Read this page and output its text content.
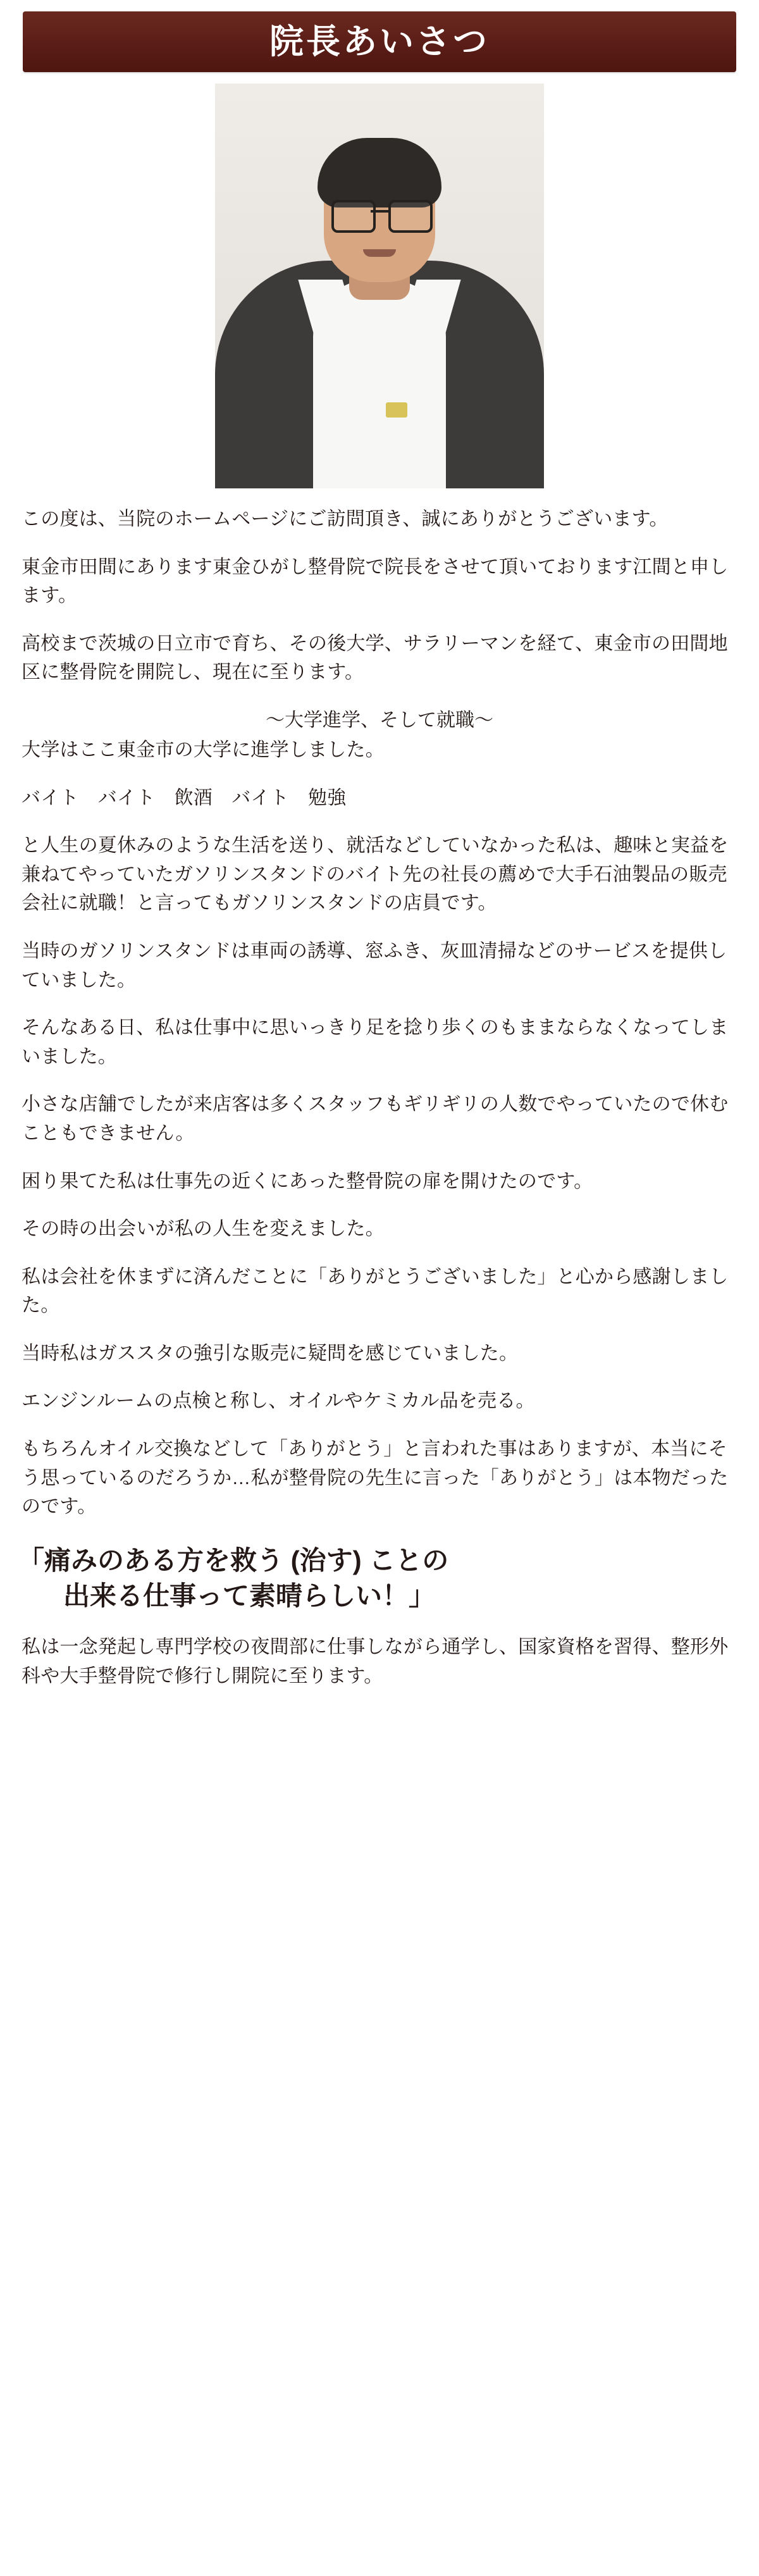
院長あいさつ

この度は、当院のホームページにご訪問頂き、誠にありがとうございます。

東金市田間にあります東金ひがし整骨院で院長をさせて頂いております江間と申します。

高校まで茨城の日立市で育ち、その後大学、サラリーマンを経て、東金市の田間地区に整骨院を開院し、現在に至ります。

〜大学進学、そして就職〜

大学はここ東金市の大学に進学しました。

バイト　バイト　飲酒　バイト　勉強

と人生の夏休みのような生活を送り、就活などしていなかった私は、趣味と実益を兼ねてやっていたガソリンスタンドのバイト先の社長の薦めで大手石油製品の販売会社に就職！と言ってもガソリンスタンドの店員です。

当時のガソリンスタンドは車両の誘導、窓ふき、灰皿清掃などのサービスを提供していました。

そんなある日、私は仕事中に思いっきり足を捻り歩くのもままならなくなってしまいました。

小さな店舗でしたが来店客は多くスタッフもギリギリの人数でやっていたので休むこともできません。

困り果てた私は仕事先の近くにあった整骨院の扉を開けたのです。

その時の出会いが私の人生を変えました。

私は会社を休まずに済んだことに「ありがとうございました」と心から感謝しました。

当時私はガススタの強引な販売に疑問を感じていました。

エンジンルームの点検と称し、オイルやケミカル品を売る。

もちろんオイル交換などして「ありがとう」と言われた事はありますが、本当にそう思っているのだろうか…私が整骨院の先生に言った「ありがとう」は本物だったのです。

「痛みのある方を救う (治す) ことの
出来る仕事って素晴らしい！」

私は一念発起し専門学校の夜間部に仕事しながら通学し、国家資格を習得、整形外科や大手整骨院で修行し開院に至ります。
